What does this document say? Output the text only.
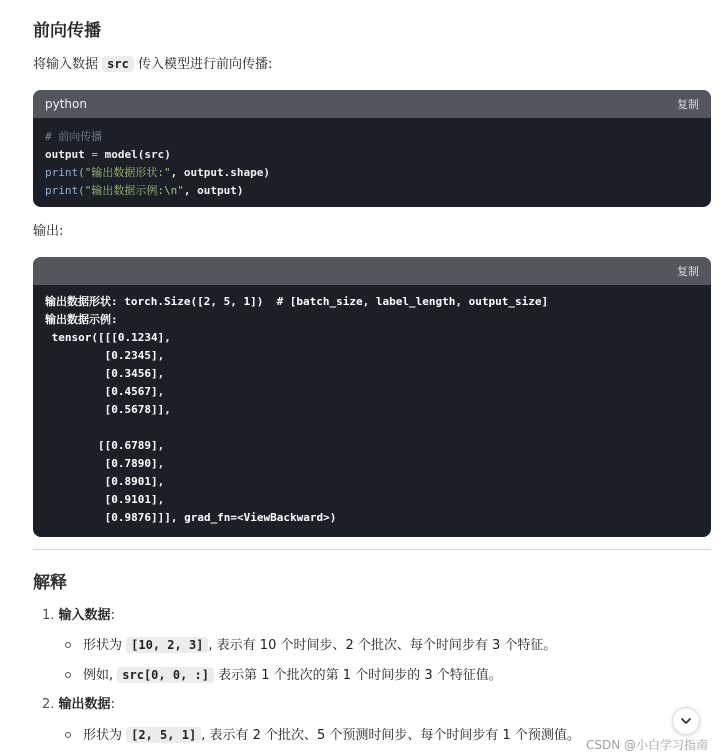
前向传播
将输入数据 src 传入模型进行前向传播:
python	复制
# 前向传播
output = model(src)
print("输出数据形状:", output.shape)
print("输出数据示例:\n", output)
输出:
复制
输出数据形状: torch.Size([2, 5, 1])  # [batch_size, label_length, output_size]
输出数据示例:
tensor([[[0.1234],
[0.2345],
[0.3456],
[0.4567],
[0.5678]],
[[0.6789],
[0.7890],
[0.8901],
[0.9101],
[0.9876]]], grad_fn=<ViewBackward>)
解释
1. 输入数据:
形状为 [10, 2, 3] , 表示有 10 个时间步、2 个批次、每个时间步有 3 个特征。
例如, src[0, 0, :] 表示第 1 个批次的第 1 个时间步的 3 个特征值。
2. 输出数据:
形状为 [2, 5, 1] , 表示有 2 个批次、5 个预测时间步、每个时间步有 1 个预测值。
CSDN @小白学习指南
